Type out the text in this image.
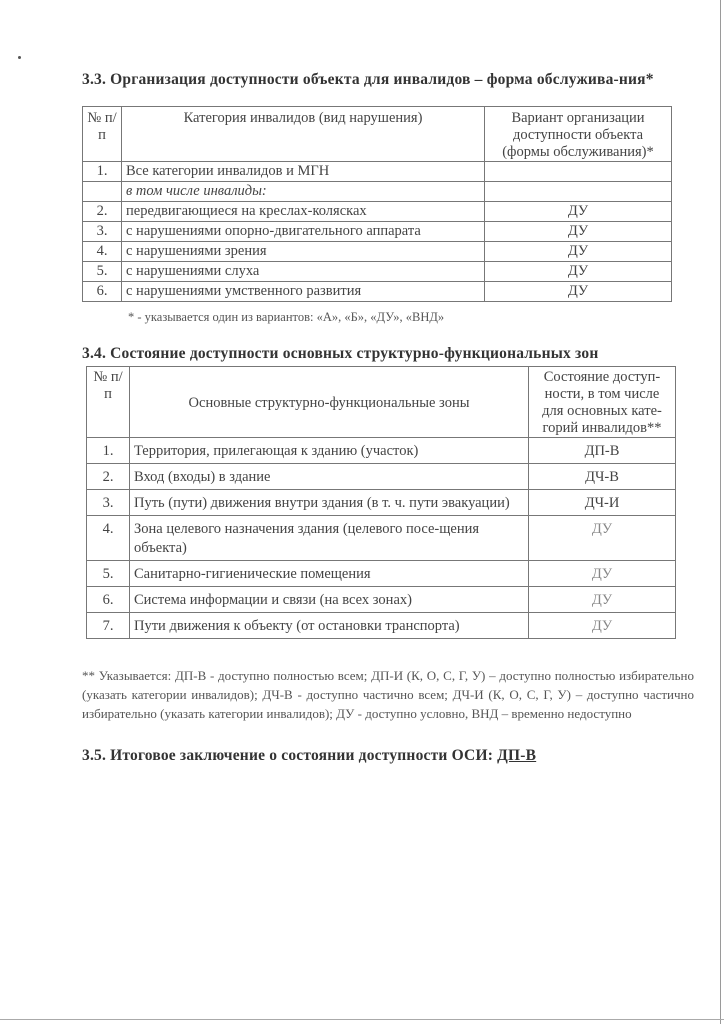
3.3. Организация доступности объекта для инвалидов – форма обслужива-ния*
№ п/п	Категория инвалидов (вид нарушения)	Вариант организации доступности объекта (формы обслуживания)*
1.	Все категории инвалидов и МГН	
	в том числе инвалиды:	
2.	передвигающиеся на креслах-колясках	ДУ
3.	с нарушениями опорно-двигательного аппарата	ДУ
4.	с нарушениями зрения	ДУ
5.	с нарушениями слуха	ДУ
6.	с нарушениями умственного развития	ДУ
* - указывается один из вариантов: «А», «Б», «ДУ», «ВНД»
3.4. Состояние доступности основных структурно-функциональных зон
№ п/п	Основные структурно-функциональные зоны	Состояние доступ-ности, в том числе для основных кате-горий инвалидов**
1.	Территория, прилегающая к зданию (участок)	ДП-В
2.	Вход (входы) в здание	ДЧ-В
3.	Путь (пути) движения внутри здания (в т. ч. пути эвакуации)	ДЧ-И
4.	Зона целевого назначения здания (целевого посе-щения объекта)	ДУ
5.	Санитарно-гигиенические помещения	ДУ
6.	Система информации и связи (на всех зонах)	ДУ
7.	Пути движения к объекту (от остановки транспорта)	ДУ
** Указывается: ДП-В - доступно полностью всем; ДП-И (К, О, С, Г, У) – доступно полностью избирательно (указать категории инвалидов); ДЧ-В - доступно частично всем; ДЧ-И (К, О, С, Г, У) – доступно частично избирательно (указать категории инвалидов); ДУ - доступно условно, ВНД – временно недоступно
3.5. Итоговое заключение о состоянии доступности ОСИ: ДП-В
